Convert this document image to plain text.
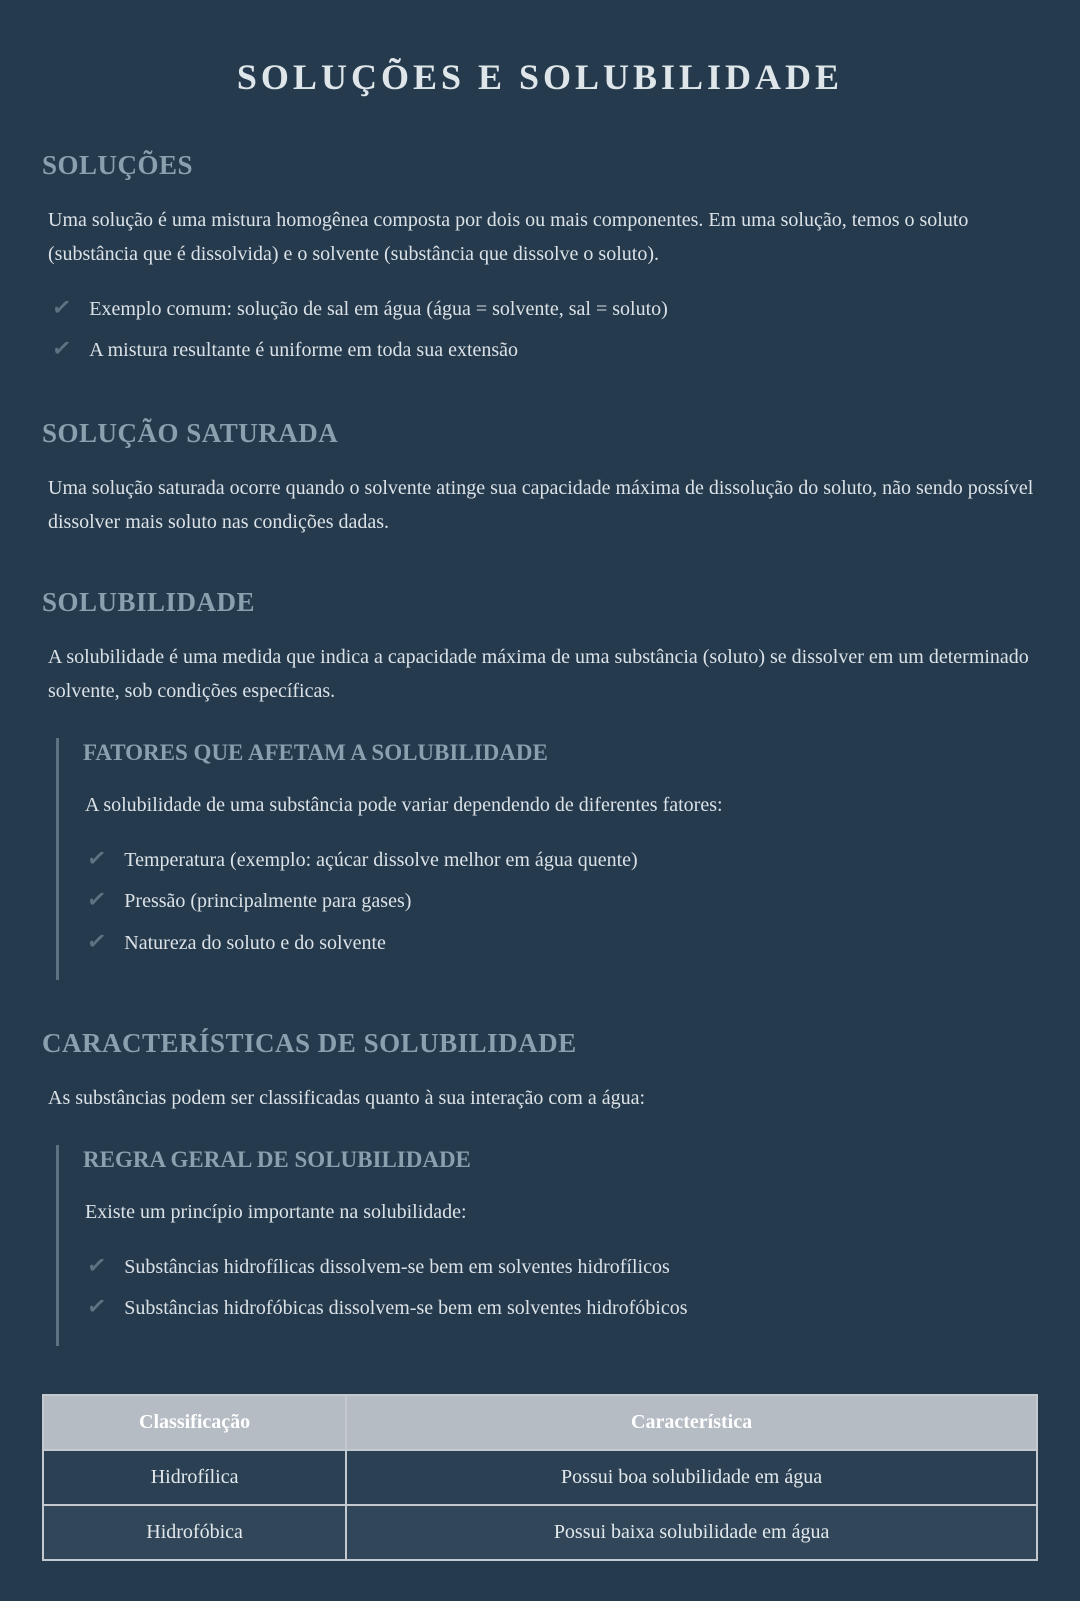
SOLUÇÕES E SOLUBILIDADE
SOLUÇÕES

Uma solução é uma mistura homogênea composta por dois ou mais componentes. Em uma solução, temos o soluto (substância que é dissolvida) e o solvente (substância que dissolve o soluto).

✓ Exemplo comum: solução de sal em água (água = solvente, sal = soluto)
✓ A mistura resultante é uniforme em toda sua extensão
SOLUÇÃO SATURADA

Uma solução saturada ocorre quando o solvente atinge sua capacidade máxima de dissolução do soluto, não sendo possível dissolver mais soluto nas condições dadas.

SOLUBILIDADE

A solubilidade é uma medida que indica a capacidade máxima de uma substância (soluto) se dissolver em um determinado solvente, sob condições específicas.

FATORES QUE AFETAM A SOLUBILIDADE

A solubilidade de uma substância pode variar dependendo de diferentes fatores:

✓ Temperatura (exemplo: açúcar dissolve melhor em água quente)
✓ Pressão (principalmente para gases)
✓ Natureza do soluto e do solvente
CARACTERÍSTICAS DE SOLUBILIDADE

As substâncias podem ser classificadas quanto à sua interação com a água:

REGRA GERAL DE SOLUBILIDADE

Existe um princípio importante na solubilidade:

✓ Substâncias hidrofílicas dissolvem-se bem em solventes hidrofílicos
✓ Substâncias hidrofóbicas dissolvem-se bem em solventes hidrofóbicos
Classificação	Característica
Hidrofílica	Possui boa solubilidade em água
Hidrofóbica	Possui baixa solubilidade em água
